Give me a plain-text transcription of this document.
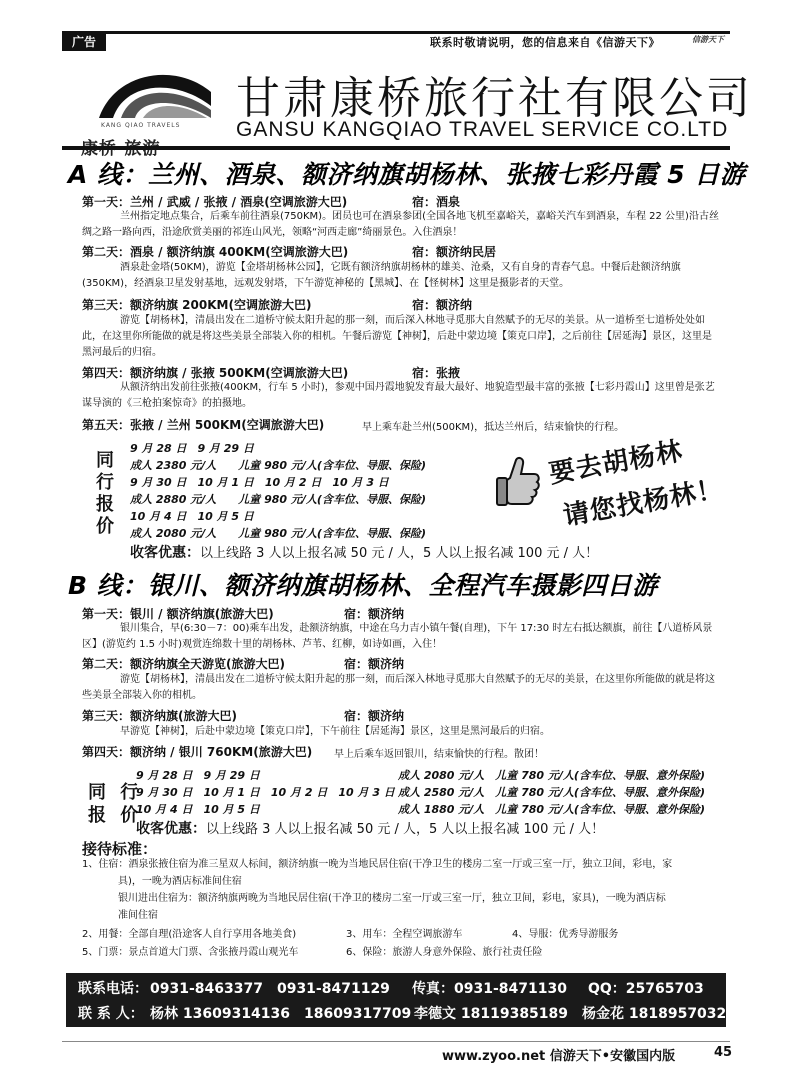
广告	联系时敬请说明，您的信息来自《信游天下》	信游天下
KANG QIAO TRAVELS
甘肃康桥旅行社有限公司
GANSU KANGQIAO TRAVEL SERVICE CO.LTD
A 线：兰州、酒泉、额济纳旗胡杨林、张掖七彩丹霞 5 日游
第一天：兰州 / 武威 / 张掖 / 酒泉(空调旅游大巴)	宿：酒泉
兰州指定地点集合，后乘车前往酒泉(750KM)。团员也可在酒泉参团(全国各地飞机至嘉峪关，嘉峪关汽车到酒泉，车程 22 公里)沿古丝绸之路一路向西，沿途欣赏美丽的祁连山风光，领略“河西走廊”绮丽景色。入住酒泉！
第二天：酒泉 / 额济纳旗 400KM(空调旅游大巴)	宿：额济纳民居
酒泉赴金塔(50KM)，游览【金塔胡杨林公园】，它既有额济纳旗胡杨林的雄美、沧桑，又有自身的青春气息。中餐后赴额济纳旗(350KM)，经酒泉卫星发射基地，远观发射塔，下午游览神秘的【黑城】、在【怪树林】这里是摄影者的天堂。
第三天：额济纳旗 200KM(空调旅游大巴)	宿：额济纳
游览【胡杨林】，清晨出发在二道桥守候太阳升起的那一刻，而后深入林地寻觅那大自然赋予的无尽的美景。从一道桥至七道桥处处如此，在这里你所能做的就是将这些美景全部装入你的相机。午餐后游览【神树】，后赴中蒙边境【策克口岸】，之后前往【居延海】景区，这里是黑河最后的归宿。
第四天：额济纳旗 / 张掖 500KM(空调旅游大巴)	宿：张掖
从额济纳出发前往张掖(400KM，行车 5 小时)，参观中国丹霞地貌发育最大最好、地貌造型最丰富的张掖【七彩丹霞山】这里曾是张艺谋导演的《三枪拍案惊奇》的拍摄地。
第五天：张掖 / 兰州 500KM(空调旅游大巴)	早上乘车赴兰州(500KM)，抵达兰州后，结束愉快的行程。
同
行
报
价
9 月 28 日　9 月 29 日
成人 2380 元/人　　儿童 980 元/人(含车位、导服、保险)
9 月 30 日　10 月 1 日　10 月 2 日　10 月 3 日
成人 2880 元/人　　儿童 980 元/人(含车位、导服、保险)
10 月 4 日　10 月 5 日
成人 2080 元/人　　儿童 980 元/人(含车位、导服、保险)
收客优惠：以上线路 3 人以上报名减 50 元 / 人，5 人以上报名减 100 元 / 人！
要去胡杨林
请您找杨林！
B 线：银川、额济纳旗胡杨林、全程汽车摄影四日游
第一天：银川 / 额济纳旗(旅游大巴)	宿：额济纳
银川集合，早(6:30－7：00)乘车出发，赴额济纳旗，中途在乌力吉小镇午餐(自理)，下午 17:30 时左右抵达额旗，前往【八道桥风景区】(游览约 1.5 小时)观赏连绵数十里的胡杨林、芦苇、红柳，如诗如画，入住！
第二天：额济纳旗全天游览(旅游大巴)	宿：额济纳
游览【胡杨林】，清晨出发在二道桥守候太阳升起的那一刻，而后深入林地寻觅那大自然赋予的无尽的美景，在这里你所能做的就是将这些美景全部装入你的相机。
第三天：额济纳旗(旅游大巴)	宿：额济纳
早游览【神树】，后赴中蒙边境【策克口岸】，下午前往【居延海】景区，这里是黑河最后的归宿。
第四天：额济纳 / 银川 760KM(旅游大巴) 早上后乘车返回银川，结束愉快的行程。散团！
同 行
报 价
9 月 28 日　9 月 29 日	成人 2080 元/人　儿童 780 元/人(含车位、导服、意外保险)
9 月 30 日　10 月 1 日　10 月 2 日　10 月 3 日 成人 2580 元/人　儿童 780 元/人(含车位、导服、意外保险)
10 月 4 日　10 月 5 日	成人 1880 元/人　儿童 780 元/人(含车位、导服、意外保险)
收客优惠：以上线路 3 人以上报名减 50 元 / 人，5 人以上报名减 100 元 / 人！
接待标准：
1、住宿：酒泉张掖住宿为准三星双人标间，额济纳旗一晚为当地民居住宿(干净卫生的楼房二室一厅或三室一厅，独立卫间，彩电，家
具)，一晚为酒店标准间住宿
银川进出住宿为：额济纳旗两晚为当地民居住宿(干净卫的楼房二室一厅或三室一厅，独立卫间，彩电，家具)，一晚为酒店标
准间住宿
2、用餐：全部自理(沿途客人自行享用各地美食)	3、用车：全程空调旅游车	4、导服：优秀导游服务
5、门票：景点首道大门票、含张掖丹霞山观光车	6、保险：旅游人身意外保险、旅行社责任险
联系电话： 0931-8463377　0931-8471129 传真：0931-8471130 QQ：25765703
联 系 人： 杨林 13609314136　18609317709 李德文 18119385189 杨金花 18189570321
www.zyoo.net 信游天下•安徽国内版	45
